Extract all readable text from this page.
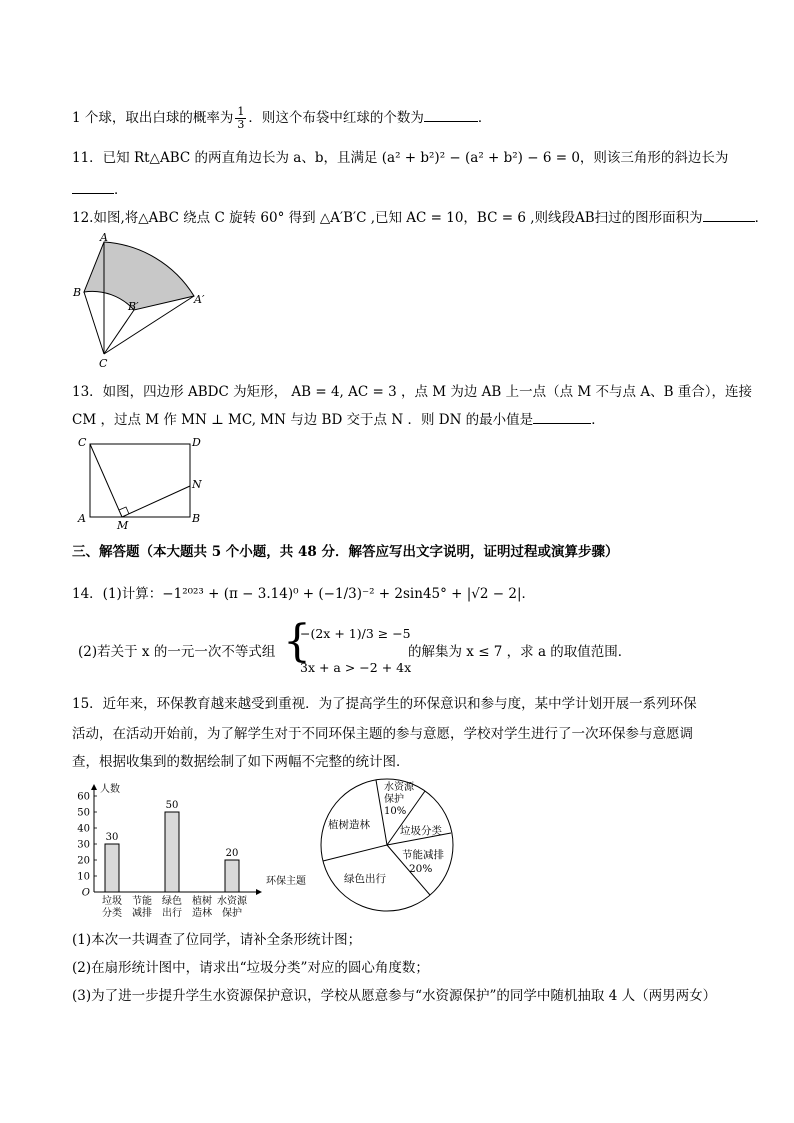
1 个球，取出白球的概率为 $\frac{1}{3}$ ．则这个布袋中红球的个数为	．
11．已知 Rt△ABC 的两直角边长为 a、b，且满足 (a² + b²)² − (a² + b²) − 6 = 0，则该三角形的斜边长为
．
12.如图,将△ABC 绕点 C 旋转 60° 得到 △A′B′C ,已知 AC = 10，BC = 6 ,则线段AB扫过的图形面积为	．
A
B
B′
A′
C
13．如图，四边形 ABDC 为矩形， AB = 4, AC = 3 ，点 M 为边 AB 上一点（点 M 不与点 A、B 重合），连接
CM ，过点 M 作 MN ⊥ MC, MN 与边 BD 交于点 N ．则 DN 的最小值是	．
C	D
N
A
M
B
三、解答题（本大题共 5 个小题，共 48 分．解答应写出文字说明，证明过程或演算步骤）
14．(1)计算：−1²⁰²³ + (π − 3.14)⁰ + (−1/3)⁻² + 2sin45° + |√2 − 2|．
(2)若关于 x 的一元一次不等式组 {
−(2x + 1)/3 ≥ −5
3x + a > −2 + 4x
的解集为 x ≤ 7 ，求 a 的取值范围．
15．近年来，环保教育越来越受到重视．为了提高学生的环保意识和参与度，某中学计划开展一系列环保
活动，在活动开始前，为了解学生对于不同环保主题的参与意愿，学校对学生进行了一次环保参与意愿调
查，根据收集到的数据绘制了如下两幅不完整的统计图．
人数
环保主题
O
10
20
30
40
50
60
30
垃圾
分类
节能
减排
50
绿色
出行
植树
造林
20
水资源
保护
水资源
保护
10%
垃圾分类
节能减排
20%
绿色出行
植树造林
(1)本次一共调查了位同学，请补全条形统计图；
(2)在扇形统计图中，请求出“垃圾分类”对应的圆心角度数；
(3)为了进一步提升学生水资源保护意识，学校从愿意参与“水资源保护”的同学中随机抽取 4 人（两男两女）
